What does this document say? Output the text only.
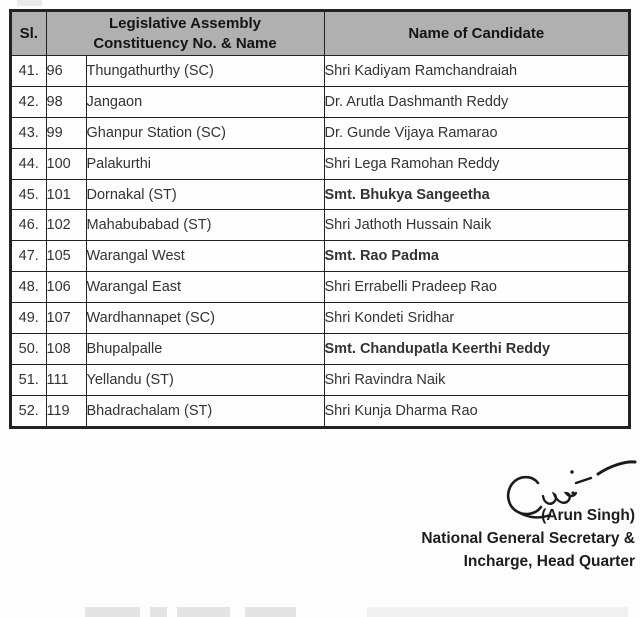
Sl.	Legislative Assembly
Constituency No. & Name		Name of Candidate
41.	96	Thungathurthy (SC)	Shri Kadiyam Ramchandraiah
42.	98	Jangaon	Dr. Arutla Dashmanth Reddy
43.	99	Ghanpur Station (SC)	Dr. Gunde Vijaya Ramarao
44.	100	Palakurthi	Shri Lega Ramohan Reddy
45.	101	Dornakal (ST)	Smt. Bhukya Sangeetha
46.	102	Mahabubabad (ST)	Shri Jathoth Hussain Naik
47.	105	Warangal West	Smt. Rao Padma
48.	106	Warangal East	Shri Errabelli Pradeep Rao
49.	107	Wardhannapet (SC)	Shri Kondeti Sridhar
50.	108	Bhupalpalle	Smt. Chandupatla Keerthi Reddy
51.	111	Yellandu (ST)	Shri Ravindra Naik
52.	119	Bhadrachalam (ST)	Shri Kunja Dharma Rao
(Arun Singh)
National General Secretary &
Incharge, Head Quarter
